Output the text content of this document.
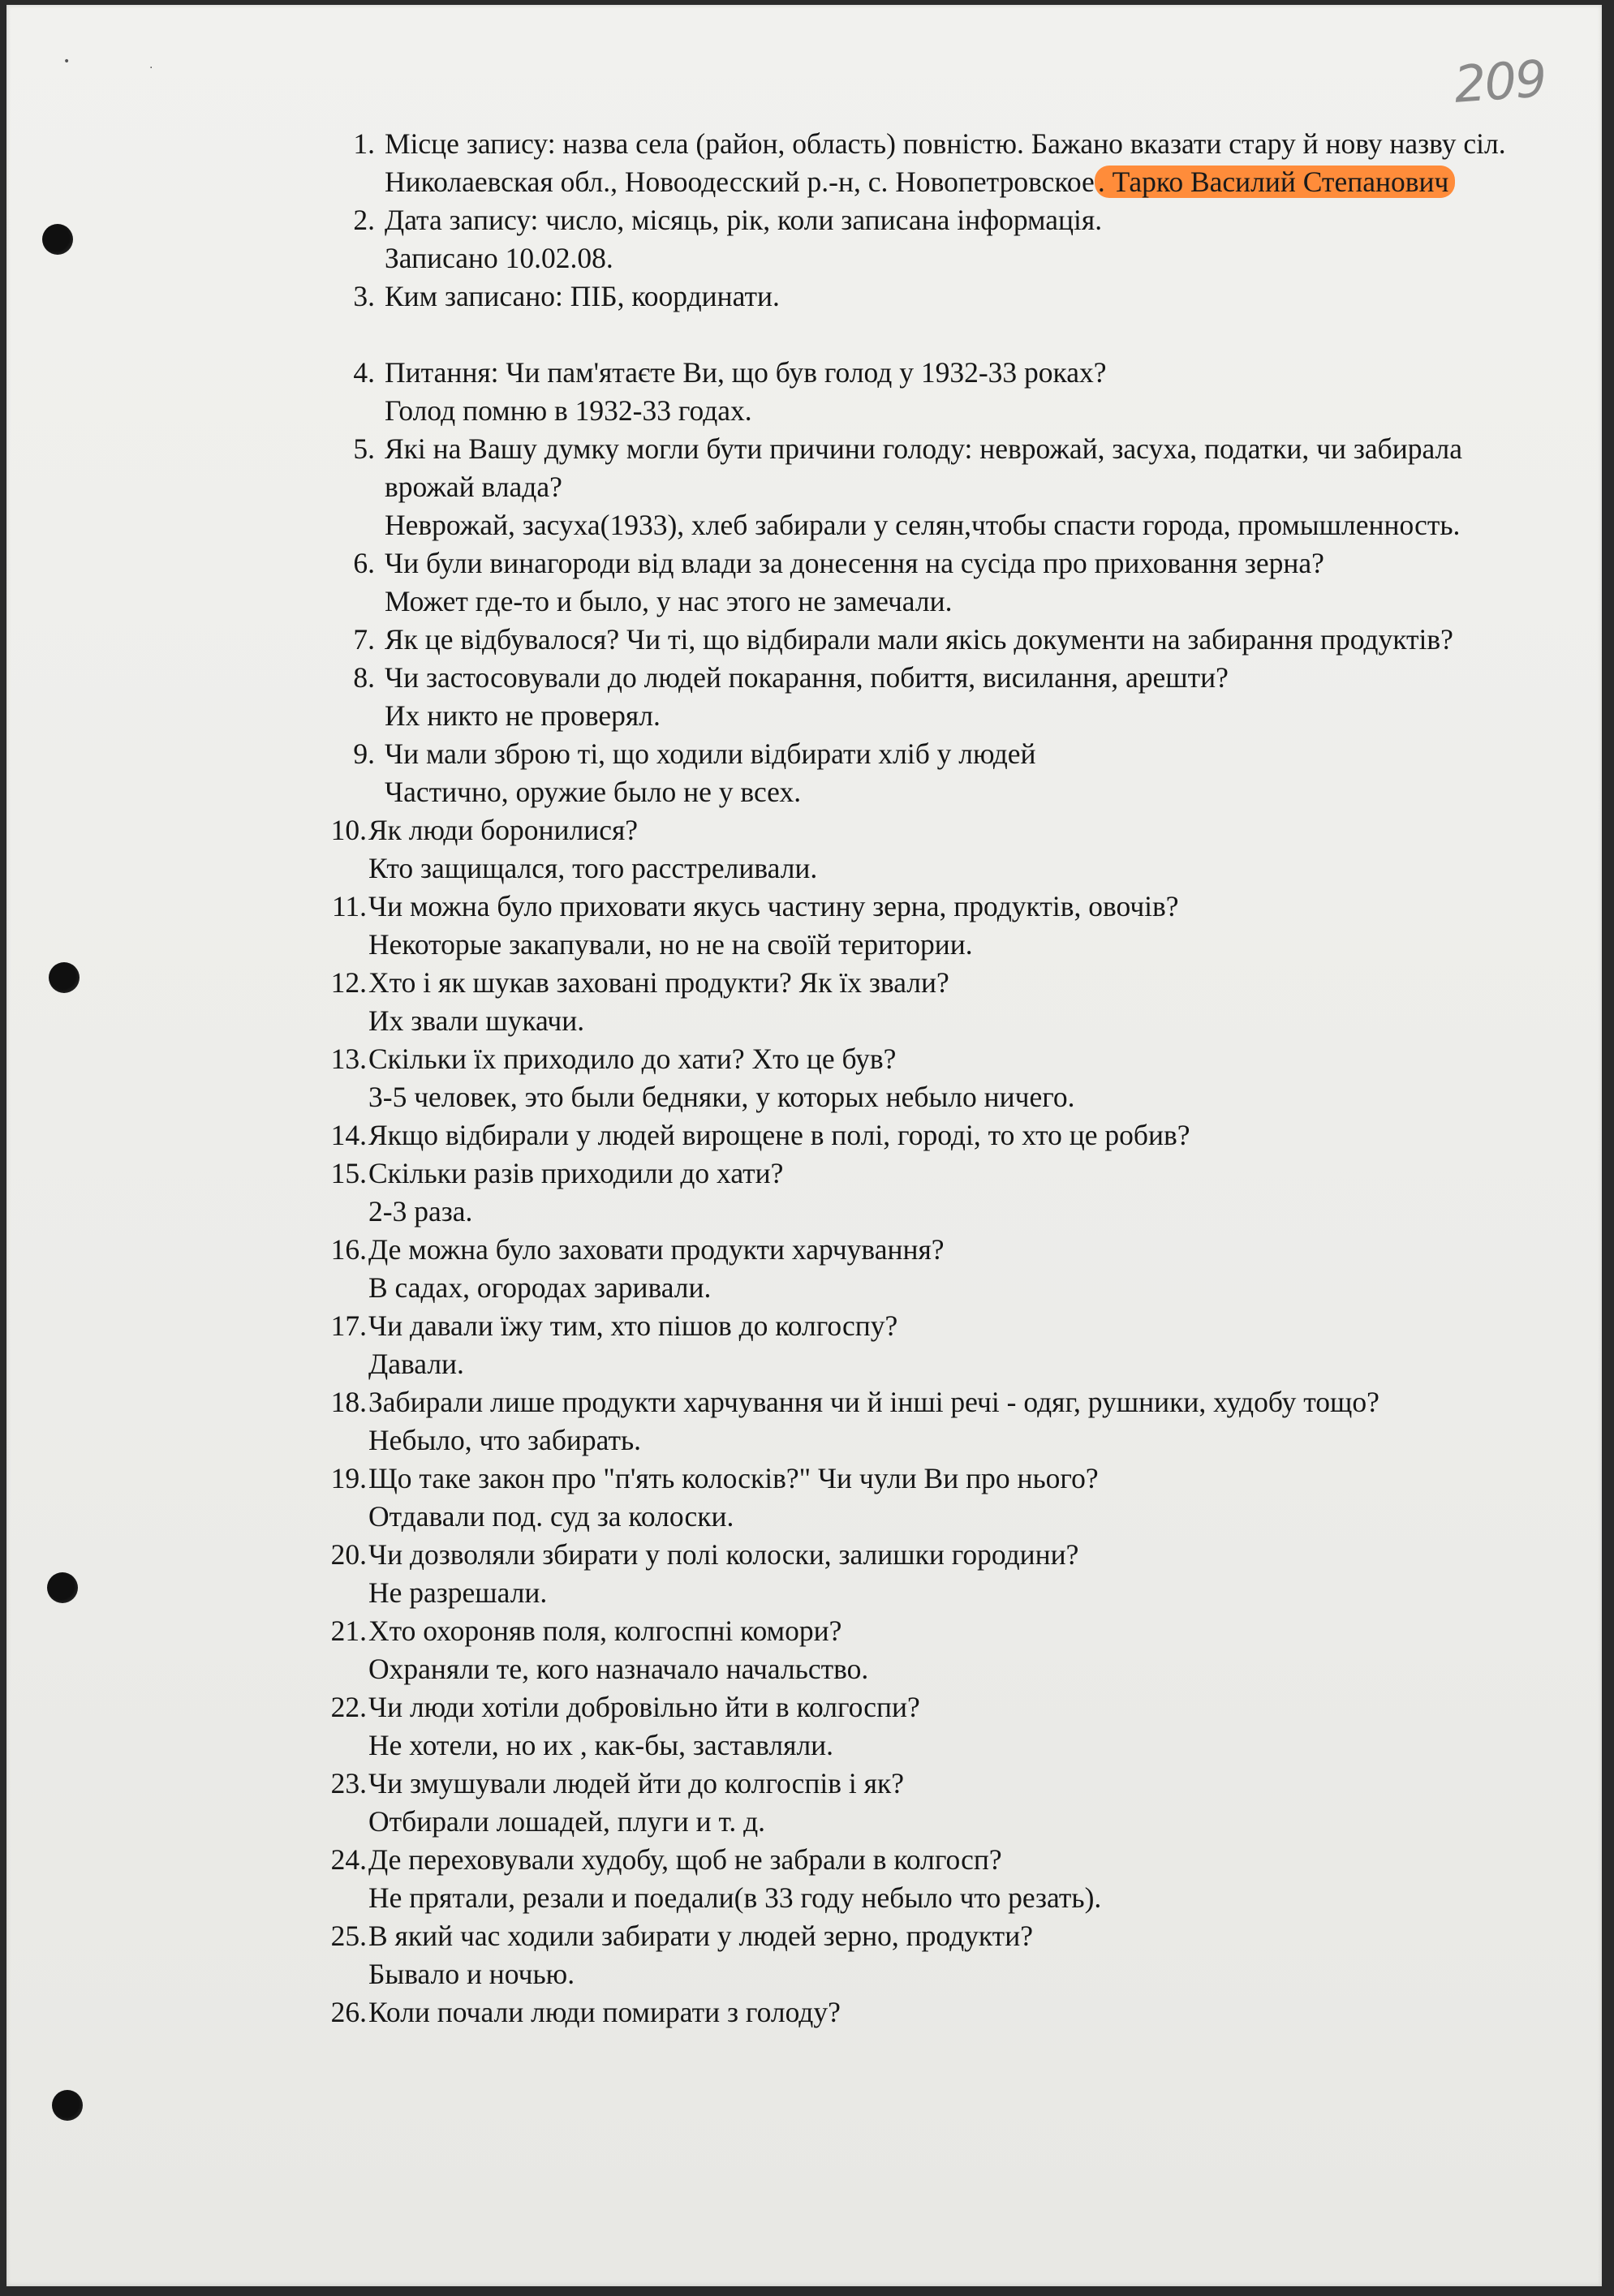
•	·	209
1. Місце запису: назва села (район, область) повністю. Бажано вказати стару й нову назву сіл.
Николаевская обл., Новоодесский р.-н, с. Новопетровское . Тарко Василий Степанович
2. Дата запису: число, місяць, рік, коли записана інформація.
Записано 10.02.08.
3. Ким записано: ПІБ, координати.
4. Питання: Чи пам'ятаєте Ви, що був голод у 1932-33 роках?
Голод помню в 1932-33 годах.
5. Які на Вашу думку могли бути причини голоду: неврожай, засуха, податки, чи забирала врожай влада?
Неврожай, засуха(1933), хлеб забирали у селян,чтобы спасти города, промышленность.
6. Чи були винагороди від влади за донесення на сусіда про приховання зерна?
Может где-то и было, у нас этого не замечали.
7. Як це відбувалося? Чи ті, що відбирали мали якісь документи на забирання продуктів?
8. Чи застосовували до людей покарання, побиття, висилання, арешти?
Их никто не проверял.
9. Чи мали зброю ті, що ходили відбирати хліб у людей
Частично, оружие было не у всех.
10. Як люди боронилися?
Кто защищался, того расстреливали.
11. Чи можна було приховати якусь частину зерна, продуктів, овочів?
Некоторые закапували, но не на своїй територии.
12. Хто і як шукав заховані продукти? Як їх звали?
Их звали шукачи.
13. Скільки їх приходило до хати? Хто це був?
3-5 человек, это были бедняки, у которых небыло ничего.
14. Якщо відбирали у людей вирощене в полі, городі, то хто це робив?
15. Скільки разів приходили до хати?
2-3 раза.
16. Де можна було заховати продукти харчування?
В садах, огородах заривали.
17. Чи давали їжу тим, хто пішов до колгоспу?
Давали.
18. Забирали лише продукти харчування чи й інші речі - одяг, рушники, худобу тощо?
Небыло, что забирать.
19. Що таке закон про "п'ять колосків?" Чи чули Ви про нього?
Отдавали под. суд за колоски.
20. Чи дозволяли збирати у полі колоски, залишки городини?
Не разрешали.
21. Хто охороняв поля, колгоспні комори?
Охраняли те, кого назначало начальство.
22. Чи люди хотіли добровільно йти в колгоспи?
Не хотели, но их , как-бы, заставляли.
23. Чи змушували людей йти до колгоспів і як?
Отбирали лошадей, плуги и т. д.
24. Де переховували худобу, щоб не забрали в колгосп?
Не прятали, резали и поедали(в 33 году небыло что резать).
25. В який час ходили забирати у людей зерно, продукти?
Бывало и ночью.
26. Коли почали люди помирати з голоду?
